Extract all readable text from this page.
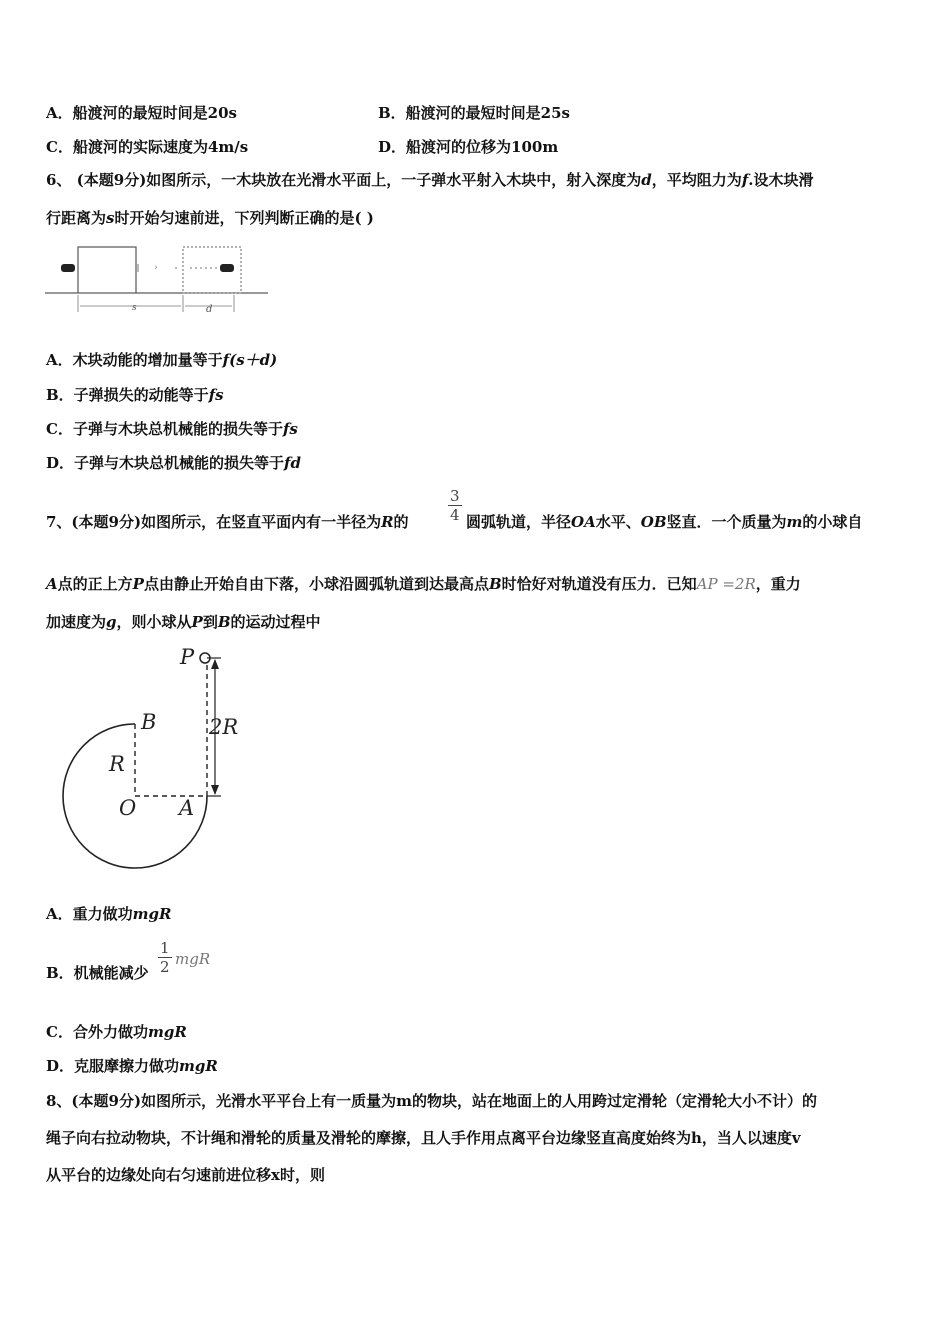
A．船渡河的最短时间是20s	B．船渡河的最短时间是25s
C．船渡河的实际速度为4m/s	D．船渡河的位移为100m
6、 (本题9分)如图所示，一木块放在光滑水平面上，一子弹水平射入木块中，射入深度为d，平均阻力为f.设木块滑
行距离为s时开始匀速前进，下列判断正确的是( )
›
s	d
A．木块动能的增加量等于f(s＋d)
B．子弹损失的动能等于fs
C．子弹与木块总机械能的损失等于fs
D．子弹与木块总机械能的损失等于fd
7、(本题9分)如图所示，在竖直平面内有一半径为R的	$\frac{3}{4}$ 圆弧轨道，半径OA水平、OB竖直．一个质量为m的小球自
A点的正上方P点由静止开始自由下落，小球沿圆弧轨道到达最高点B时恰好对轨道没有压力．已知AP =2R，重力
加速度为g，则小球从P到B的运动过程中
P
B
R
O A
2R
A．重力做功mgR
B．机械能减少 $\frac{1}{2}$ mgR
C．合外力做功mgR
D．克服摩擦力做功mgR
8、(本题9分)如图所示，光滑水平平台上有一质量为m的物块，站在地面上的人用跨过定滑轮（定滑轮大小不计）的
绳子向右拉动物块，不计绳和滑轮的质量及滑轮的摩擦，且人手作用点离平台边缘竖直高度始终为h，当人以速度v
从平台的边缘处向右匀速前进位移x时，则
